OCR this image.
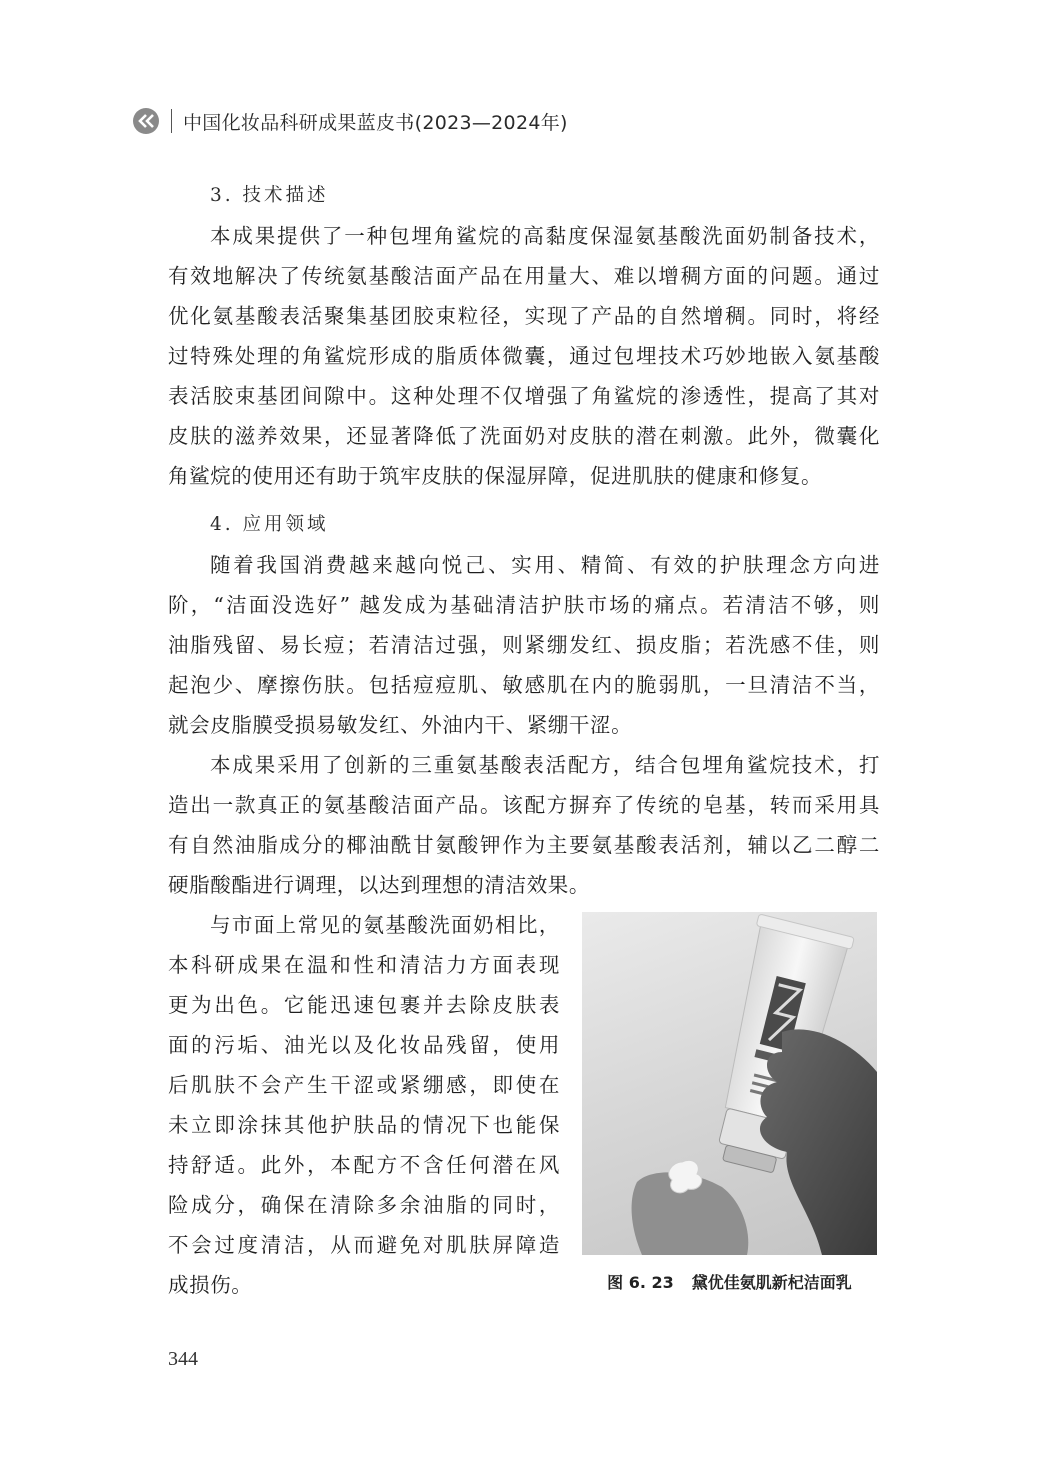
中国化妆品科研成果蓝皮书(2023—2024年)
3. 技术描述
本成果提供了一种包埋角鲨烷的高黏度保湿氨基酸洗面奶制备技术，
有效地解决了传统氨基酸洁面产品在用量大、难以增稠方面的问题。通过
优化氨基酸表活聚集基团胶束粒径，实现了产品的自然增稠。同时，将经
过特殊处理的角鲨烷形成的脂质体微囊，通过包埋技术巧妙地嵌入氨基酸
表活胶束基团间隙中。这种处理不仅增强了角鲨烷的渗透性，提高了其对
皮肤的滋养效果，还显著降低了洗面奶对皮肤的潜在刺激。此外，微囊化
角鲨烷的使用还有助于筑牢皮肤的保湿屏障，促进肌肤的健康和修复。
4. 应用领域
随着我国消费越来越向悦己、实用、精简、有效的护肤理念方向进
阶，“洁面没选好” 越发成为基础清洁护肤市场的痛点。若清洁不够，则
油脂残留、易长痘；若清洁过强，则紧绷发红、损皮脂；若洗感不佳，则
起泡少、摩擦伤肤。包括痘痘肌、敏感肌在内的脆弱肌，一旦清洁不当，
就会皮脂膜受损易敏发红、外油内干、紧绷干涩。
本成果采用了创新的三重氨基酸表活配方，结合包埋角鲨烷技术，打
造出一款真正的氨基酸洁面产品。该配方摒弃了传统的皂基，转而采用具
有自然油脂成分的椰油酰甘氨酸钾作为主要氨基酸表活剂，辅以乙二醇二
硬脂酸酯进行调理，以达到理想的清洁效果。
与市面上常见的氨基酸洗面奶相比，
本科研成果在温和性和清洁力方面表现
更为出色。它能迅速包裹并去除皮肤表
面的污垢、油光以及化妆品残留，使用
后肌肤不会产生干涩或紧绷感，即使在
未立即涂抹其他护肤品的情况下也能保
持舒适。此外，本配方不含任何潜在风
险成分，确保在清除多余油脂的同时，
不会过度清洁，从而避免对肌肤屏障造
成损伤。	图 6. 23 黛优佳氨肌新杞洁面乳
344
